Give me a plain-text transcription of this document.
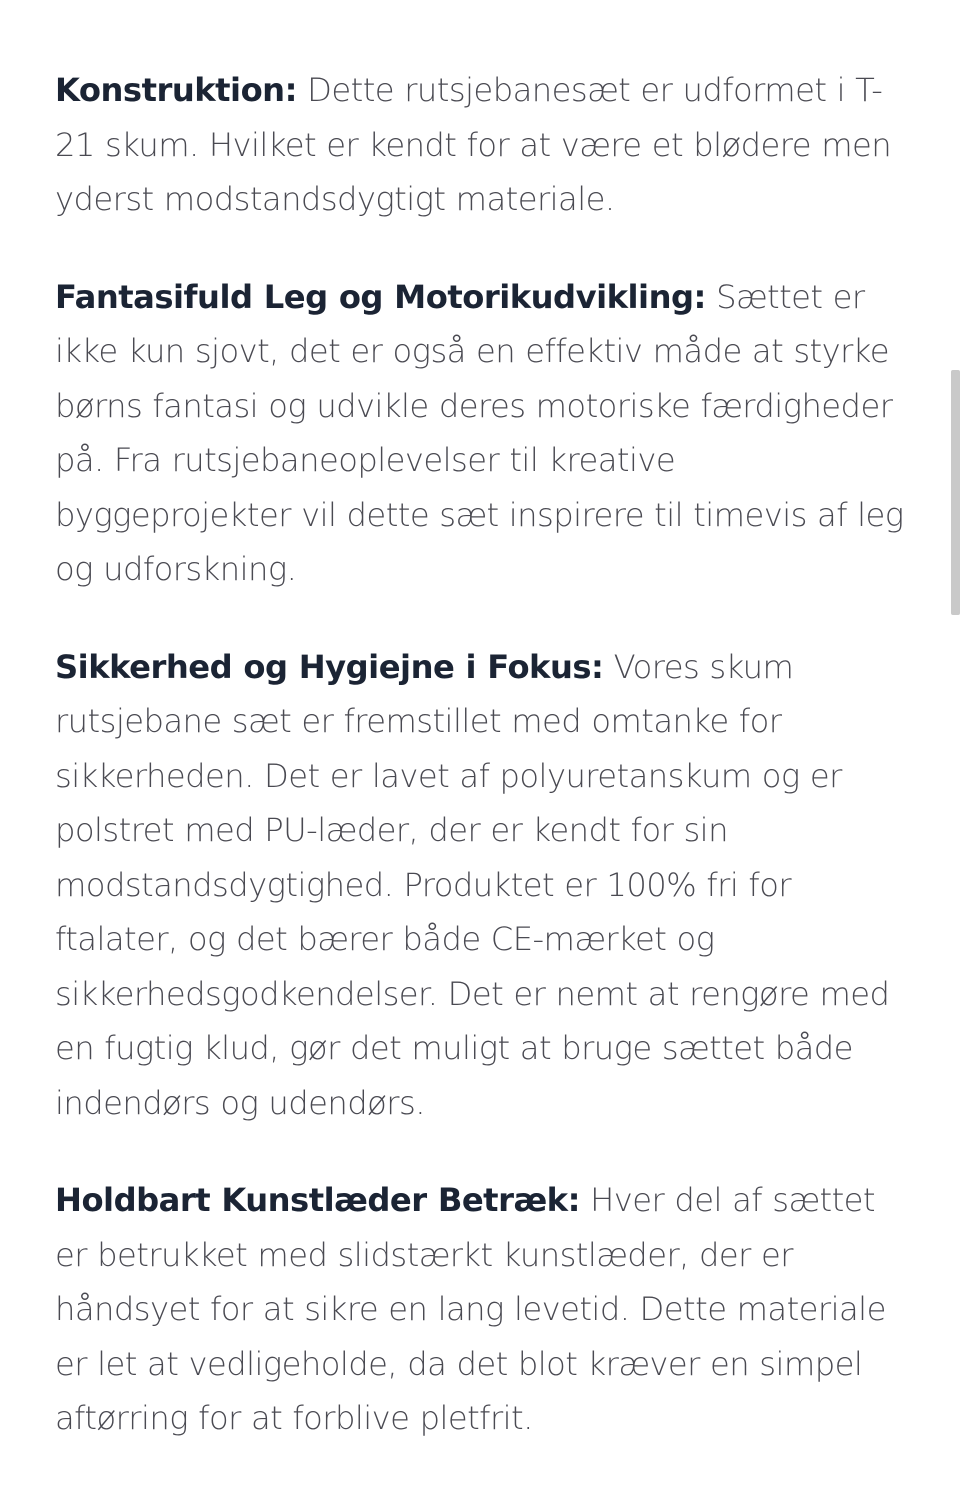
Konstruktion: Dette rutsjebanesæt er udformet i T-21 skum. Hvilket er kendt for at være et blødere men yderst modstandsdygtigt materiale.

Fantasifuld Leg og Motorikudvikling: Sættet er ikke kun sjovt, det er også en effektiv måde at styrke børns fantasi og udvikle deres motoriske færdigheder på. Fra rutsjebaneoplevelser til kreative byggeprojekter vil dette sæt inspirere til timevis af leg og udforskning.

Sikkerhed og Hygiejne i Fokus: Vores skum rutsjebane sæt er fremstillet med omtanke for sikkerheden. Det er lavet af polyuretanskum og er polstret med PU-læder, der er kendt for sin modstandsdygtighed. Produktet er 100% fri for ftalater, og det bærer både CE-mærket og sikkerhedsgodkendelser. Det er nemt at rengøre med en fugtig klud, gør det muligt at bruge sættet både indendørs og udendørs.

Holdbart Kunstlæder Betræk: Hver del af sættet er betrukket med slidstærkt kunstlæder, der er håndsyet for at sikre en lang levetid. Dette materiale er let at vedligeholde, da det blot kræver en simpel aftørring for at forblive pletfrit.
